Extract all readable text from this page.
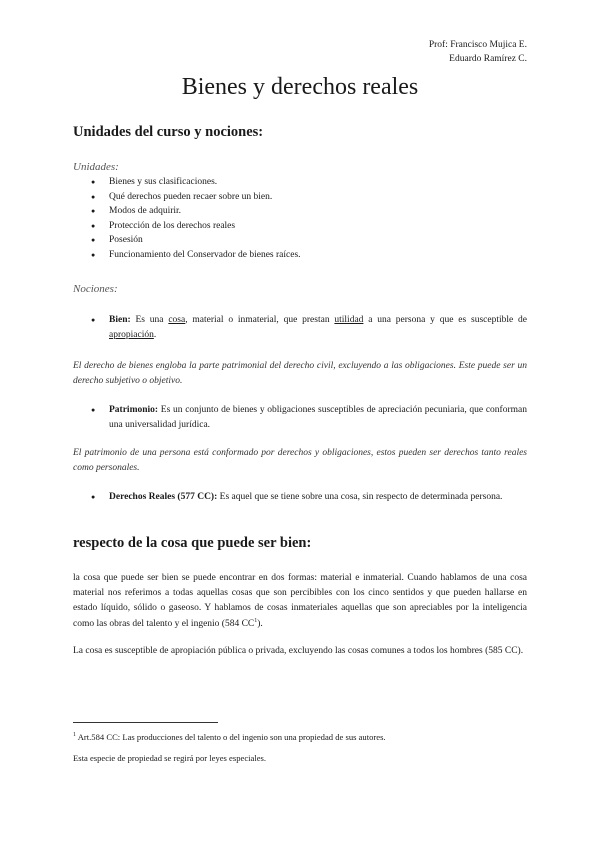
Prof: Francisco Mujica E.
Eduardo Ramírez C.
Bienes y derechos reales
Unidades del curso y nociones:
Unidades:
● Bienes y sus clasificaciones.
● Qué derechos pueden recaer sobre un bien.
● Modos de adquirir.
● Protección de los derechos reales
● Posesión
● Funcionamiento del Conservador de bienes raíces.
Nociones:
● Bien: Es una cosa, material o inmaterial, que prestan utilidad a una persona y que es susceptible de apropiación.
El derecho de bienes engloba la parte patrimonial del derecho civil, excluyendo a las obligaciones. Este puede ser un derecho subjetivo o objetivo.
● Patrimonio: Es un conjunto de bienes y obligaciones susceptibles de apreciación pecuniaria, que conforman una universalidad jurídica.
El patrimonio de una persona está conformado por derechos y obligaciones, estos pueden ser derechos tanto reales como personales.
● Derechos Reales (577 CC): Es aquel que se tiene sobre una cosa, sin respecto de determinada persona.
respecto de la cosa que puede ser bien:
la cosa que puede ser bien se puede encontrar en dos formas: material e inmaterial. Cuando hablamos de una cosa material nos referimos a todas aquellas cosas que son percibibles con los cinco sentidos y que pueden hallarse en estado líquido, sólido o gaseoso. Y hablamos de cosas inmateriales aquellas que son apreciables por la inteligencia como las obras del talento y el ingenio (584 $CC^1$).
La cosa es susceptible de apropiación pública o privada, excluyendo las cosas comunes a todos los hombres (585 CC).
$^1$ Art.584 CC: Las producciones del talento o del ingenio son una propiedad de sus autores.
Esta especie de propiedad se regirá por leyes especiales.
